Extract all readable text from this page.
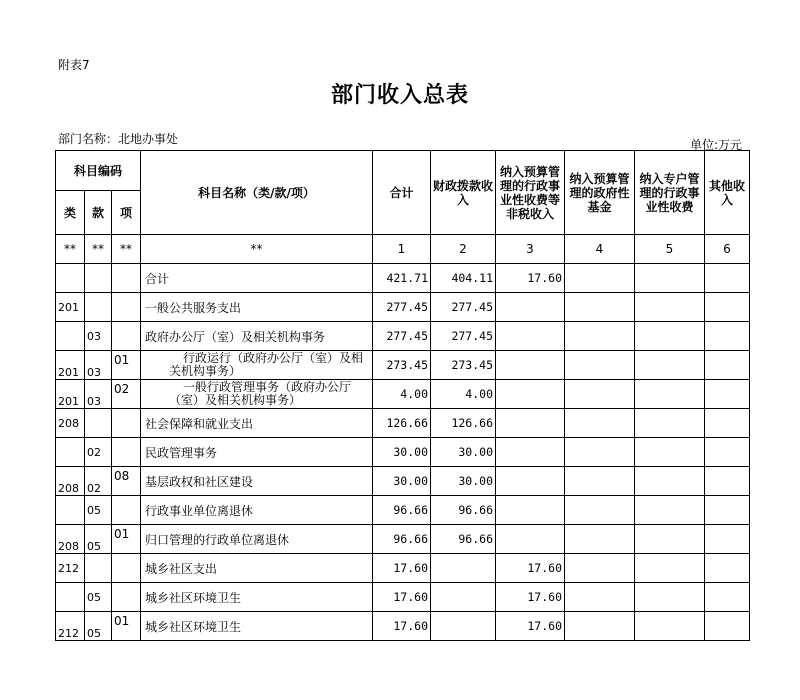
附表7
部门收入总表
部门名称：北地办事处	单位:万元
科目编码			科目名称（类/款/项）	合计	财政拨款收入	纳入预算管理的行政事业性收费等非税收入	纳入预算管理的政府性基金	纳入专户管理的行政事业性收费	其他收入
类	款	项							
**	**	**	**	1	2	3	4	5	6
			合计	421.71	404.11	17.60			
201			一般公共服务支出	277.45	277.45				
	03		政府办公厅（室）及相关机构事务	277.45	277.45				
201	03	01	行政运行（政府办公厅（室）及相关机构事务）	273.45	273.45				
201	03	02	一般行政管理事务（政府办公厅（室）及相关机构事务）	4.00	4.00				
208			社会保障和就业支出	126.66	126.66				
	02		民政管理事务	30.00	30.00				
208	02	08	基层政权和社区建设	30.00	30.00				
	05		行政事业单位离退休	96.66	96.66				
208	05	01	归口管理的行政单位离退休	96.66	96.66				
212			城乡社区支出	17.60		17.60			
	05		城乡社区环境卫生	17.60		17.60			
212	05	01	城乡社区环境卫生	17.60		17.60			
